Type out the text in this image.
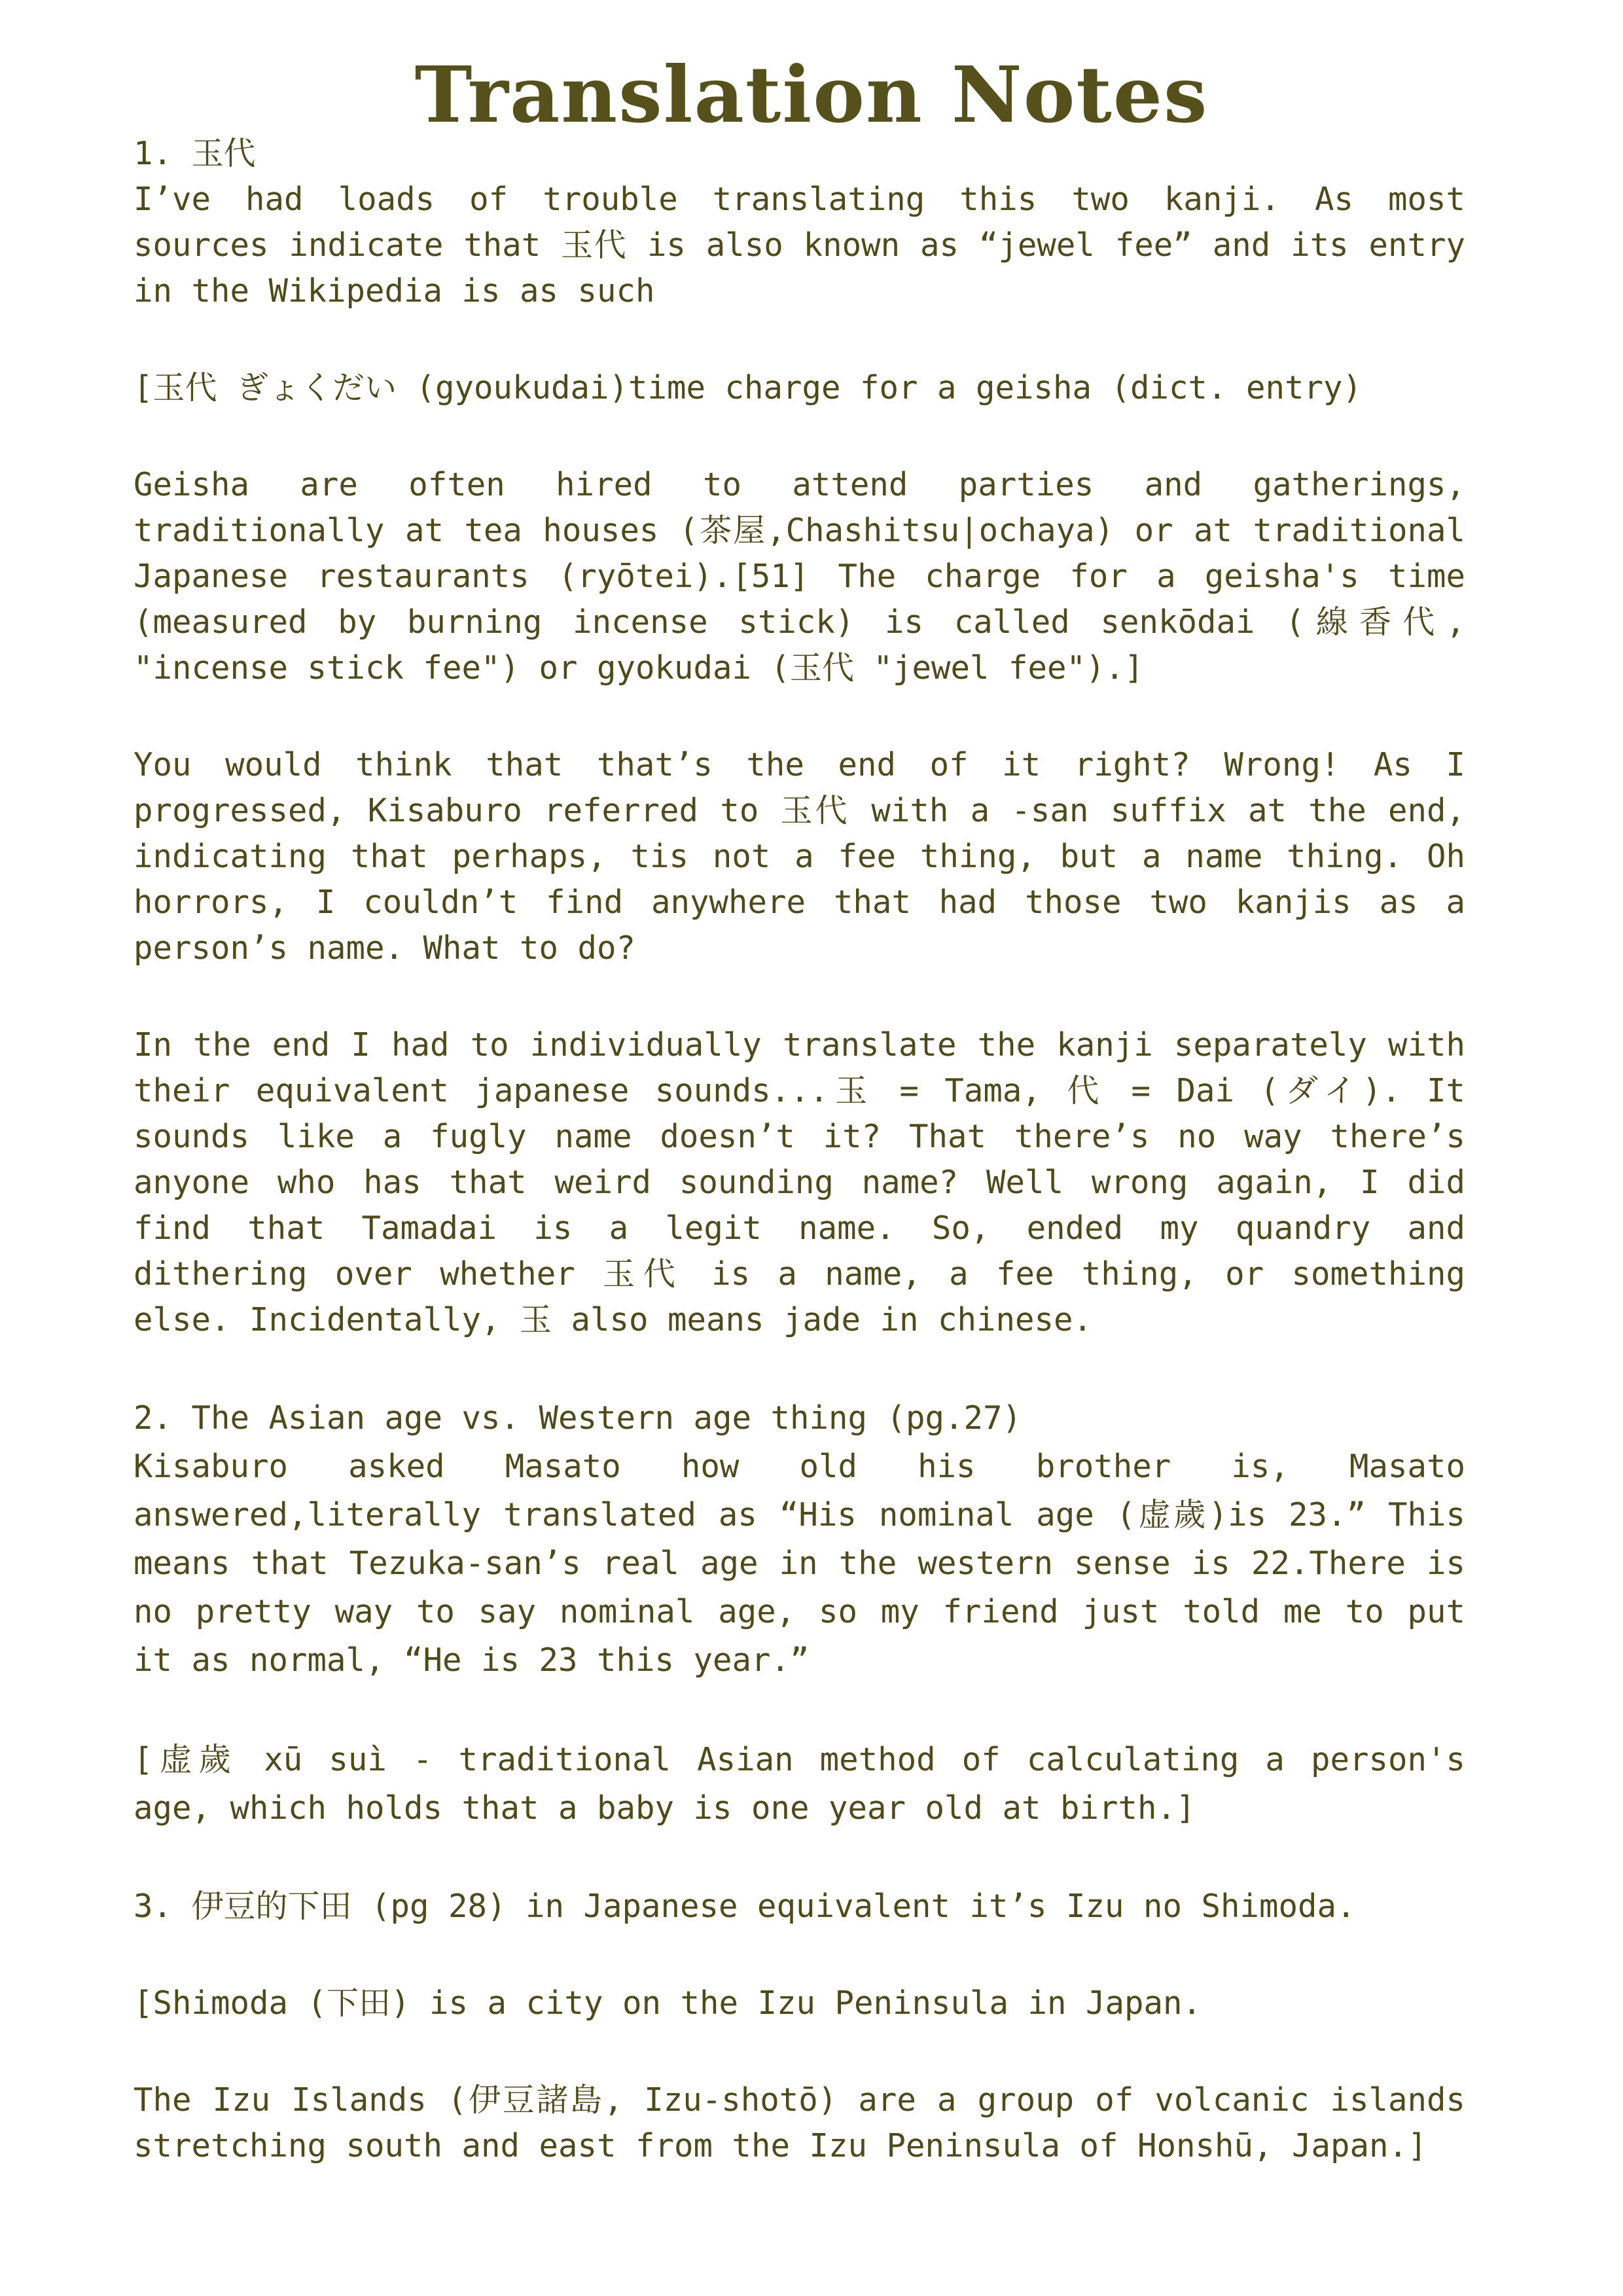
Translation Notes
1. 玉代
I’ve had loads of trouble translating this two kanji. As most sources indicate that 玉代 is also known as “jewel fee” and its entry in the Wikipedia is as such
[玉代 ぎょくだい (gyoukudai)time charge for a geisha (dict. entry)
Geisha are often hired to attend parties and gatherings, traditionally at tea houses (茶屋,Chashitsu|ochaya) or at traditional Japanese restaurants (ryōtei).[51] The charge for a geisha's time (measured by burning incense stick) is called senkōdai (線香代, "incense stick fee") or gyokudai (玉代 "jewel fee").]
You would think that that’s the end of it right? Wrong! As I progressed, Kisaburo referred to 玉代 with a -san suffix at the end, indicating that perhaps, tis not a fee thing, but a name thing. Oh horrors, I couldn’t find anywhere that had those two kanjis as a person’s name. What to do?
In the end I had to individually translate the kanji separately with their equivalent japanese sounds...玉 = Tama, 代 = Dai (ダイ). It sounds like a fugly name doesn’t it? That there’s no way there’s anyone who has that weird sounding name? Well wrong again, I did find that Tamadai is a legit name. So, ended my quandry and dithering over whether 玉代 is a name, a fee thing, or something else. Incidentally, 玉 also means jade in chinese.
2. The Asian age vs. Western age thing (pg.27)
Kisaburo asked Masato how old his brother is, Masato answered,literally translated as “His nominal age (虚歲)is 23.” This means that Tezuka-san’s real age in the western sense is 22.There is no pretty way to say nominal age, so my friend just told me to put it as normal, “He is 23 this year.”
[虚歲 xū suì - traditional Asian method of calculating a person's age, which holds that a baby is one year old at birth.]
3. 伊豆的下田 (pg 28) in Japanese equivalent it’s Izu no Shimoda.
[Shimoda (下田) is a city on the Izu Peninsula in Japan.
The Izu Islands (伊豆諸島, Izu-shotō) are a group of volcanic islands stretching south and east from the Izu Peninsula of Honshū, Japan.]
